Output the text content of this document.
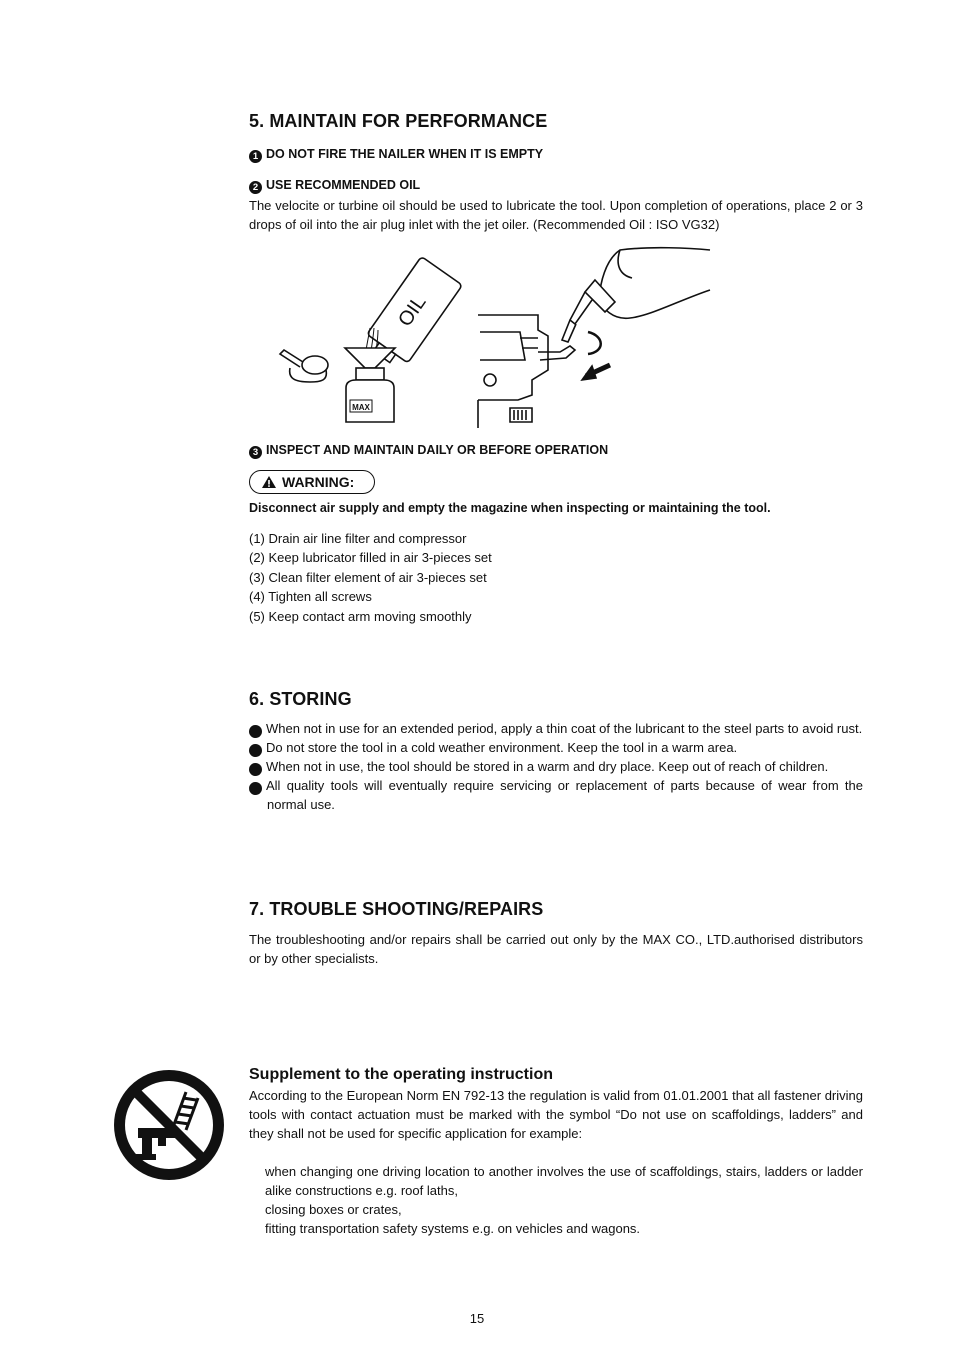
5. MAINTAIN FOR PERFORMANCE

1 DO NOT FIRE THE NAILER WHEN IT IS EMPTY

2 USE RECOMMENDED OIL

The velocite or turbine oil should be used to lubricate the tool. Upon completion of operations, place 2 or 3 drops of oil into the air plug inlet with the jet oiler. (Recommended Oil : ISO VG32)

OIL
MAX

3 INSPECT AND MAINTAIN DAILY OR BEFORE OPERATION

WARNING:

Disconnect air supply and empty the magazine when inspecting or maintaining the tool.

(1) Drain air line filter and compressor

(2) Keep lubricator filled in air 3-pieces set

(3) Clean filter element of air 3-pieces set

(4) Tighten all screws

(5) Keep contact arm moving smoothly

6. STORING

1 When not in use for an extended period, apply a thin coat of the lubricant to the steel parts to avoid rust.

2 Do not store the tool in a cold weather environment. Keep the tool in a warm area.

3 When not in use, the tool should be stored in a warm and dry place. Keep out of reach of children.

4 All quality tools will eventually require servicing or replacement of parts because of wear from the normal use.

7. TROUBLE SHOOTING/REPAIRS

The troubleshooting and/or repairs shall be carried out only by the MAX CO., LTD.authorised distributors or by other specialists.

Supplement to the operating instruction

According to the European Norm EN 792-13 the regulation is valid from 01.01.2001 that all fastener driving tools with contact actuation must be marked with the symbol “Do not use on scaffoldings, ladders” and they shall not be used for specific application for example:

when changing one driving location to another involves the use of scaffoldings, stairs, ladders or ladder alike constructions e.g. roof laths,

closing boxes or crates,

fitting transportation safety systems e.g. on vehicles and wagons.

15
